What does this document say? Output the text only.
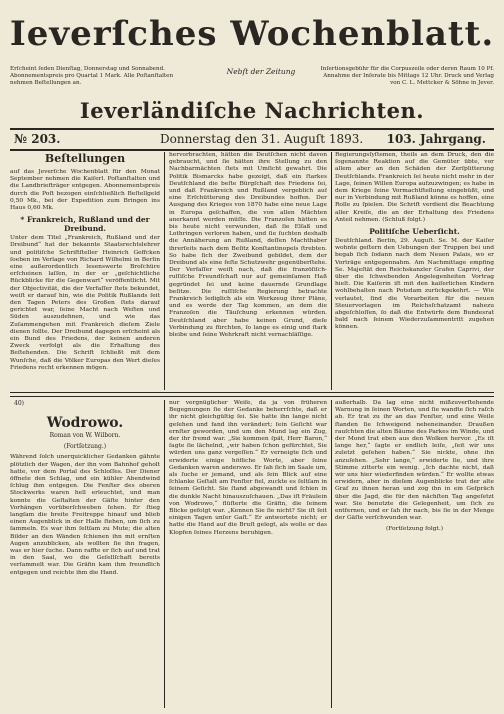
Ieverſches Wochenblatt.
Erſcheint ſeden Dienſtag, Donnerstag und Sonnabend. Abonnementspreis pro Quartal 1 Mark. Alle Poſtanſtalten nehmen Beſtellungen an.
Nebſt der Zeitung	Inſertionsgebühr für die Corpuszeile oder deren Raum 10 Pf. Annahme der Inſerate bis Mittags 12 Uhr. Druck und Verlag von C. L. Mettcker & Söhne in Jever.
Ieverländiſche Nachrichten.
№ 203.	Donnerstag den 31. Auguſt 1893. 103. Jahrgang.
Beſtellungen

auf das Jeverſche Wochenblatt für den Monat September nehmen die Kaiſerl. Poſtanſtalten und die Landbriefträger entgegen. Abonnementspreis durch die Poſt bezogen einſchließlich Beſtellgeld 0,50 Mk., bei der Expedition zum Bringen ins Haus 0,60 Mk.

* Frankreich, Rußland und der Dreibund.

Unter dem Titel „Frankreich, Rußland und der Dreibund“ hat der bekannte Staatsrechtslehrer und politiſche Schriftſteller Heinrich Geffcken ſoeben im Verlage von Richard Wilhelmi in Berlin eine außerordentlich lesenswerte Broſchüre erſcheinen laſſen, in der er „geſchichtliche Rückblicke für die Gegenwart“ veröffentlicht. Mit der Objectivität, die der Verfaſſer ſtets bekundet, weiſt er darauf hin, wie die Politik Rußlands ſeit den Tagen Peters des Großen ſtets darauf gerichtet war, ſeine Macht nach Weſten und Süden auszudehnen, und wie das Zuſammengehen mit Frankreich dieſem Ziele dienen ſollte. Der Dreibund dagegen erſcheint als ein Bund des Friedens, der keinen anderen Zweck verfolgt als die Erhaltung des Beſtehenden. Die Schrift ſchließt mit dem Wunſche, daß die Völker Europas den Wert dieſes Friedens recht erkennen mögen.

hervorbrachten, hätten die Deutſchen nicht davon gebraucht, und ſie hätten ihre Stellung zu den Nachbarmächten ſtets mit Umſicht gewahrt. Die Politik Bismarcks habe gezeigt, daß ein ſtarkes Deutſchland die beſte Bürgſchaft des Friedens ſei, und daß Frankreich und Rußland vergeblich auf eine Erſchütterung des Dreibundes hoffen. Der Ausgang des Krieges von 1870 habe eine neue Lage in Europa geſchaffen, die von allen Mächten anerkannt werden müſſe. Die Franzoſen hätten es bis heute nicht verwunden, daß ſie Elſaß und Lothringen verloren haben, und ſie ſuchten deshalb die Annäherung an Rußland, deſſen Machthaber ihrerſeits nach dem Beſitz Konſtantinopels ſtrebten. So habe ſich der Zweibund gebildet, dem der Dreibund als eine feſte Schutzwehr gegenüberſtehe. Der Verfaſſer weiſt nach, daß die franzöſiſch-ruſſiſche Freundſchaft nur auf gemeinſamen Haß gegründet ſei und keine dauernde Grundlage beſitze. Die ruſſiſche Regierung betrachte Frankreich lediglich als ein Werkzeug ihrer Pläne, und es werde der Tag kommen, an dem die Franzoſen die Täuſchung erkennen würden. Deutſchland aber habe keinen Grund, dieſe Verbindung zu fürchten, ſo lange es einig und ſtark bleibe und ſeine Wehrkraft nicht vernachläſſige.

Regierungsſyſtemen, theils an dem Druck, den die ſogenannte Reaktion auf die Gemüter übte, vor allem aber an den Schäden der Zerſplitterung Deutſchlands. Frankreich ſei heute nicht mehr in der Lage, ſeinen Willen Europa aufzuzwingen; es habe in dem Kriege ſeine Vormachtſtellung eingebüßt, und nur in Verbindung mit Rußland könne es hoffen, eine Rolle zu ſpielen. Die Schrift verdient die Beachtung aller Kreiſe, die an der Erhaltung des Friedens Anteil nehmen. (Schluß folgt.)

Politiſche Ueberſicht.

Deutſchland. Berlin, 29. Auguſt. Se. M. der Kaiſer wohnte geſtern den Uebungen der Truppen bei und begab ſich ſodann nach dem Neuen Palais, wo er Vorträge entgegennahm. Am Nachmittage empfing Se. Majeſtät den Reichskanzler Grafen Caprivi, der über die ſchwebenden Angelegenheiten Vortrag hielt. Die Kaiſerin iſt mit den kaiſerlichen Kindern wohlbehalten nach Potsdam zurückgekehrt. — Wie verlautet, ſind die Vorarbeiten für die neuen Steuervorlagen im Reichsſchatzamt nahezu abgeſchloſſen, ſo daß die Entwürfe dem Bundesrat bald nach ſeinem Wiederzuſammentritt zugehen können.

40)
Wodrowo.
Roman von W. Wilborn.
(Fortſetzung.)

Während ſolch unerquicklicher Gedanken gähnte plötzlich der Wagen, der ihn vom Bahnhof geholt hatte, vor dem Portal des Schloſſes. Der Diener öffnete den Schlag, und ein kühler Abendwind ſchlug ihm entgegen. Die Fenſter des oberen Stockwerks waren hell erleuchtet, und man konnte die Geſtalten der Gäſte hinter den Vorhängen vorüberſchweben ſehen. Er ſtieg langſam die breite Freitreppe hinauf und blieb einen Augenblick in der Halle ſtehen, um ſich zu ſammeln. Es war ihm ſeltſam zu Mute; die alten Bilder an den Wänden ſchienen ihn mit ernſten Augen anzublicken, als wollten ſie ihn fragen, was er hier ſuche. Dann raffte er ſich auf und trat in den Saal, wo die Geſellſchaft bereits verſammelt war. Die Gräfin kam ihm freundlich entgegen und reichte ihm die Hand.

nur vergnüglicher Weiſe, da ja von früheren Begegnungen ſie der Gedanke beherrſchte, daß er ihr nicht gleichgültig ſei. Sie hatte ihn lange nicht geſehen und fand ihn verändert; ſein Geſicht war ernſter geworden, und um den Mund lag ein Zug, der ihr fremd war. „Sie kommen ſpät, Herr Baron,“ ſagte ſie lächelnd, „wir haben ſchon gefürchtet, Sie würden uns ganz vergeſſen.“ Er verneigte ſich und erwiderte einige höfliche Worte, aber ſeine Gedanken waren anderswo. Er ſah ſich im Saale um, als ſuche er jemand, und als ſein Blick auf eine ſchlanke Geſtalt am Fenſter fiel, zuckte es ſeltſam in ſeinem Geſicht. Sie ſtand abgewandt und ſchien in die dunkle Nacht hinauszuſchauen. „Das iſt Fräulein von Wodrowo,“ flüſterte die Gräfin, die ſeinem Blicke gefolgt war. „Kennen Sie ſie nicht? Sie iſt ſeit einigen Tagen unſer Gaſt.“ Er antwortete nicht; er hatte die Hand auf die Bruſt gelegt, als wolle er das Klopfen ſeines Herzens beruhigen.

außerhalb. Da lag eine nicht mißzuverſtehende Warnung in ſeinen Worten, und ſie wandte ſich raſch ab. Er trat zu ihr an das Fenſter, und eine Weile ſtanden ſie ſchweigend nebeneinander. Draußen rauſchten die alten Bäume des Parkes im Winde, und der Mond trat eben aus den Wolken hervor. „Es iſt lange her,“ ſagte er endlich leiſe, „ſeit wir uns zuletzt geſehen haben.“ Sie nickte, ohne ihn anzuſehen. „Sehr lange,“ erwiderte ſie, und ihre Stimme zitterte ein wenig. „Ich dachte nicht, daß wir uns hier wiederfinden würden.“ Er wollte etwas erwidern, aber in dieſem Augenblicke trat der alte Graf zu ihnen heran und zog ihn in ein Geſpräch über die Jagd, die für den nächſten Tag angeſetzt war. Sie benutzte die Gelegenheit, um ſich zu entfernen, und er ſah ihr nach, bis ſie in der Menge der Gäſte verſchwunden war.

(Fortſetzung folgt.)
